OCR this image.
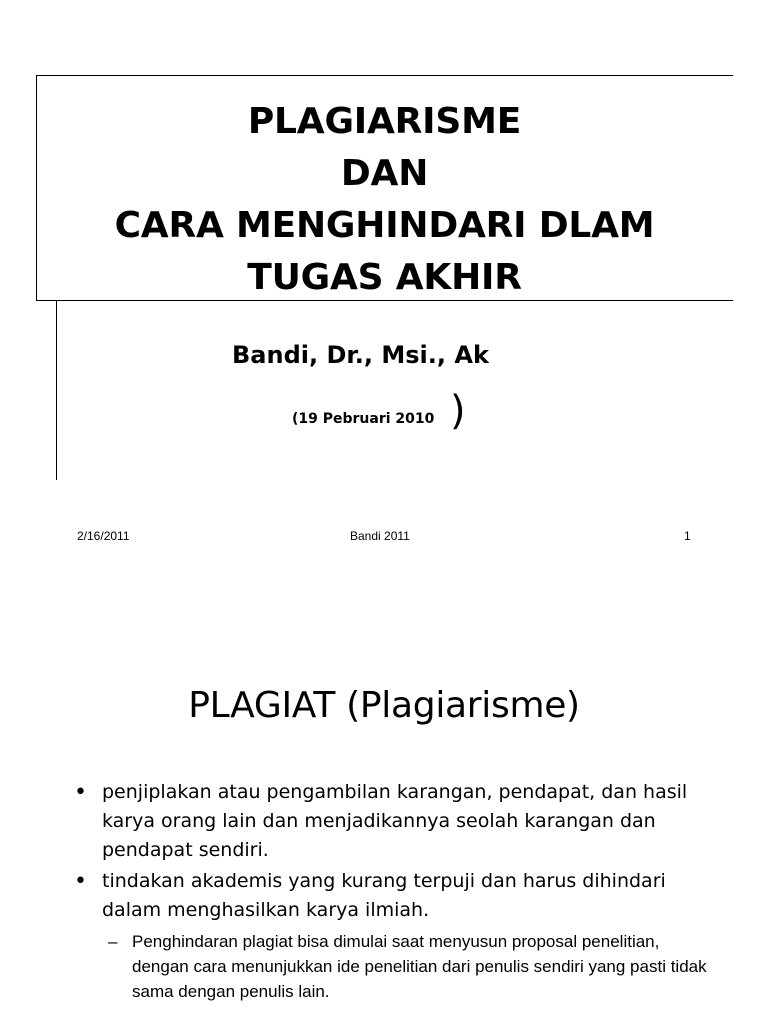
PLAGIARISME
DAN
CARA MENGHINDARI DLAM
TUGAS AKHIR
Bandi, Dr., Msi., Ak
(19 Pebruari 2010 )
2/16/2011	Bandi 2011	1
PLAGIAT (Plagiarisme)
• penjiplakan atau pengambilan karangan, pendapat, dan hasil karya orang lain dan menjadikannya seolah karangan dan pendapat sendiri.
• tindakan akademis yang kurang terpuji dan harus dihindari dalam menghasilkan karya ilmiah.
– Penghindaran plagiat bisa dimulai saat menyusun proposal penelitian, dengan cara menunjukkan ide penelitian dari penulis sendiri yang pasti tidak sama dengan penulis lain.
